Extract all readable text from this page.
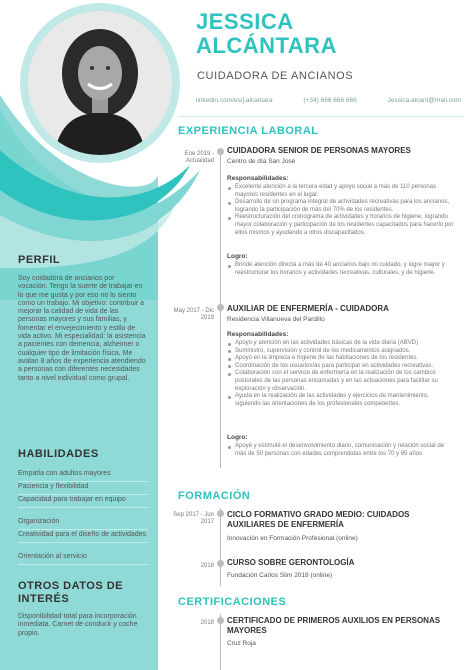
JESSICA
ALCÁNTARA
CUIDADORA DE ANCIANOS
linkedin.com/es/j.alcantara	(+34) 666 666 666	Jessica.alcant@mail.com
EXPERIENCIA LABORAL
Ene 2019 - Actualidad
CUIDADORA SENIOR DE PERSONAS MAYORES
Centro de día San José
Responsabilidades:
Excelente atención a la tercera edad y apoyo social a más de 110 personas mayores residentes en el lugar.
Desarrollo de un programa integral de actividades recreativas para los ancianos, logrando la participación de más del 70% de los residentes.
Reestructuración del cronograma de actividades y horarios de higiene, logrando mayor colaboración y participación de los residentes capacitados para hacerlo por ellos mismos y ayudando a otros discapacitados.
Logro:
Brinde atención directa a más de 40 ancianos bajo mi cuidado, y logre mayor y reestructurar los horarios y actividades recreativas, culturales, y de higiene.
May 2017 - Dic 2019
AUXILIAR DE ENFERMERÍA - CUIDADORA
Residencia Villanueva del Pardillo
Responsabilidades:
Apoyo y atención en las actividades básicas de la vida diaria (ABVD)
Suministro, supervisión y control de los medicamentos asignados.
Apoyo en la limpieza e higiene de las habitaciones de los residentes.
Coordinación de los usuarios/as para participar en actividades recreativas.
Colaboración con el servicio de enfermería en la realización de los cambios posturales de las personas encamadas y en las actuaciones para facilitar su exploración y observación.
Ayuda en la realización de las actividades y ejercicios de mantenimiento, siguiendo las orientaciones de los profesionales competentes.
Logro:
Apoyé y estimulé el desenvolvimiento diario, comunicación y relación social de más de 50 personas con edades comprendidas entre los 70 y 95 años
FORMACIÓN
Sep 2017 - Jun 2017
CICLO FORMATIVO GRADO MEDIO: CUIDADOS AUXILIARES DE ENFERMERÍA
Innovación en Formación Profesional (online)
2018 CURSO SOBRE GERONTOLOGÍA
Fundación Carlos Slim 2018 (online)
CERTIFICACIONES
2018 CERTIFICADO DE PRIMEROS AUXILIOS EN PERSONAS MAYORES
Cruz Roja
PERFIL
Soy cuidadora de ancianos por vocación. Tengo la suerte de trabajar en lo que me gusta y por eso no lo siento como un trabajo. Mi objetivo: contribuir a mejorar la calidad de vida de las personas mayores y sus familias, y fomentar el envejecimiento y estilo de vida activo. Mi especialidad: la asistencia a pacientes con demencia, alzheimer o cualquier tipo de limitación física. Me avalan 8 años de experiencia atendiendo a personas con diferentes necesidades tanto a nivel individual como grupal.
HABILIDADES
Empatía con adultos mayores
Paciencia y flexibilidad
Capacidad para trabajar en equipo
Organización
Creatividad para el diseño de actividades
Orientación al servicio
OTROS DATOS DE
INTERÉS
Disponibilidad total para incorporación inmediata. Carnet de conducir y coche propio.
